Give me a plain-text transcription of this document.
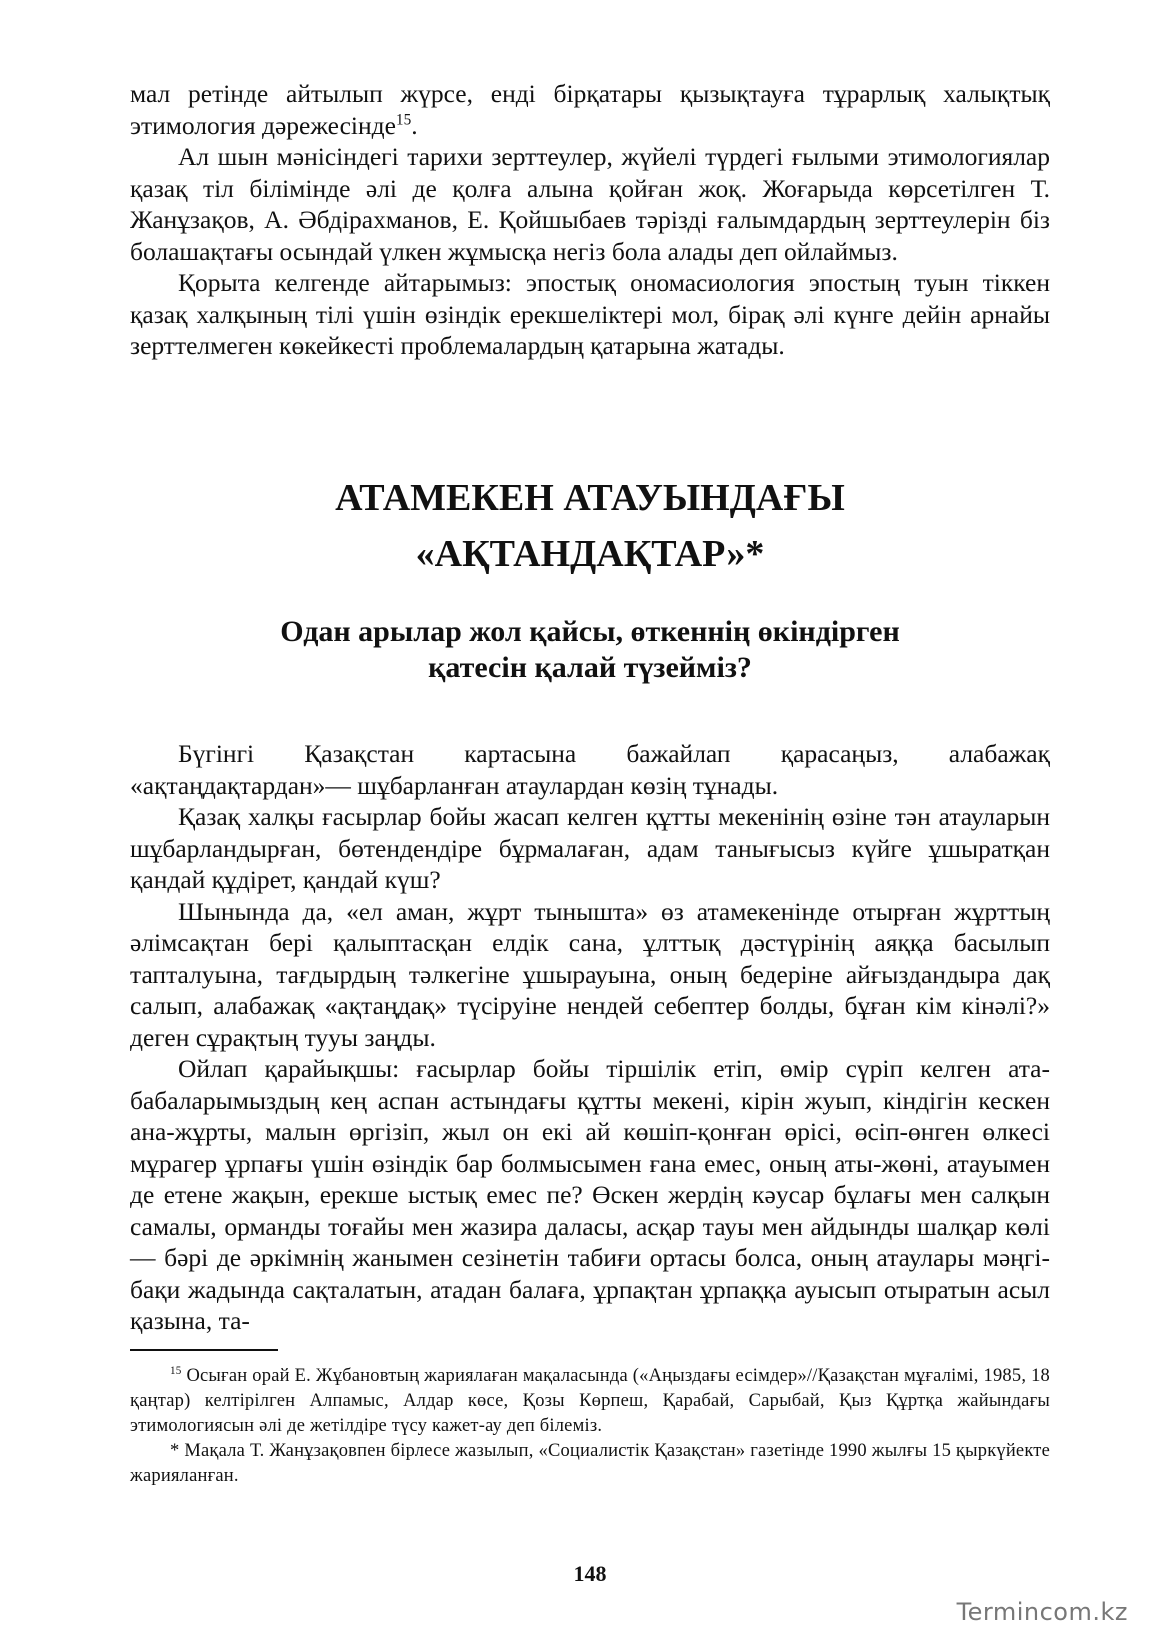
мал ретінде айтылып жүрсе, енді бірқатары қызықтауға тұрарлық халықтық этимология дәрежесінде$^{15}$.

Ал шын мәнісіндегі тарихи зерттеулер, жүйелі түрдегі ғылыми этимологиялар қазақ тіл білімінде әлі де қолға алына қойған жоқ. Жоғарыда көрсетілген Т. Жанұзақов, А. Әбдірахманов, Е. Қойшыбаев тәрізді ғалымдардың зерттеулерін біз болашақтағы осындай үлкен жұмысқа негіз бола алады деп ойлаймыз.

Қорыта келгенде айтарымыз: эпостық ономасиология эпостың туын тіккен қазақ халқының тілі үшін өзіндік ерекшеліктері мол, бірақ әлі күнге дейін арнайы зерттелмеген көкейкесті проблемалардың қатарына жатады.

АТАМЕКЕН АТАУЫНДАҒЫ
«АҚТАНДАҚТАР»*
Одан арылар жол қайсы, өткеннің өкіндірген
қатесін қалай түзейміз?

Бүгінгі Қазақстан картасына бажайлап қарасаңыз, алабажақ «ақтаңдақтардан»— шұбарланған атаулардан көзің тұнады.

Қазақ халқы ғасырлар бойы жасап келген құтты мекенінің өзіне тән атауларын шұбарландырған, бөтендендіре бұрмалаған, адам танығысыз күйге ұшыратқан қандай құдірет, қандай күш?

Шынында да, «ел аман, жұрт тыныштa» өз атамекенінде отырған жұрттың әлімсақтан бері қалыптасқан елдік сана, ұлттық дәстүрінің аяққа басылып тапталуына, тағдырдың тәлкегіне ұшырауына, оның бедеріне айғыздандыра дақ салып, алабажақ «ақтаңдақ» түсіруіне нендей себептер болды, бұған кім кінәлі?» деген сұрақтың тууы заңды.

Ойлап қарайықшы: ғасырлар бойы тіршілік етіп, өмір сүріп келген ата-бабаларымыздың кең аспан астындағы құтты мекені, кірін жуып, кіндігін кескен ана-жұрты, малын өргізіп, жыл он екі ай көшіп-қонған өрісі, өсіп-өнген өлкесі мұрагер ұрпағы үшін өзіндік бар болмысымен ғана емес, оның аты-жөні, атауымен де етене жақын, ерекше ыстық емес пе? Өскен жердің кәусар бұлағы мен салқын самалы, орманды тоғайы мен жазира даласы, асқар тауы мен айдынды шалқар көлі — бәрі де әркімнің жанымен сезінетін табиғи ортасы болса, оның атаулары мәңгі-бақи жадында сақталатын, атадан балаға, ұрпақтан ұрпаққа ауысып отыратын асыл қазына, та-

$^{15}$ Осыған орай Е. Жұбановтың жариялаған мақаласында («Аңыздағы есімдер»//Қазақстан мұғалімі, 1985, 18 қаңтар) келтірілген Алпамыс, Алдар көсе, Қозы Көрпеш, Қарабай, Сарыбай, Қыз Құртқа жайындағы этимологиясын әлі де жетілдіре түсу кажет-ау деп білеміз.

* Мақала Т. Жанұзақовпен бірлесе жазылып, «Социалистік Қазақстан» газетінде 1990 жылғы 15 қыркүйекте жарияланған.

148
Termincom.kz
